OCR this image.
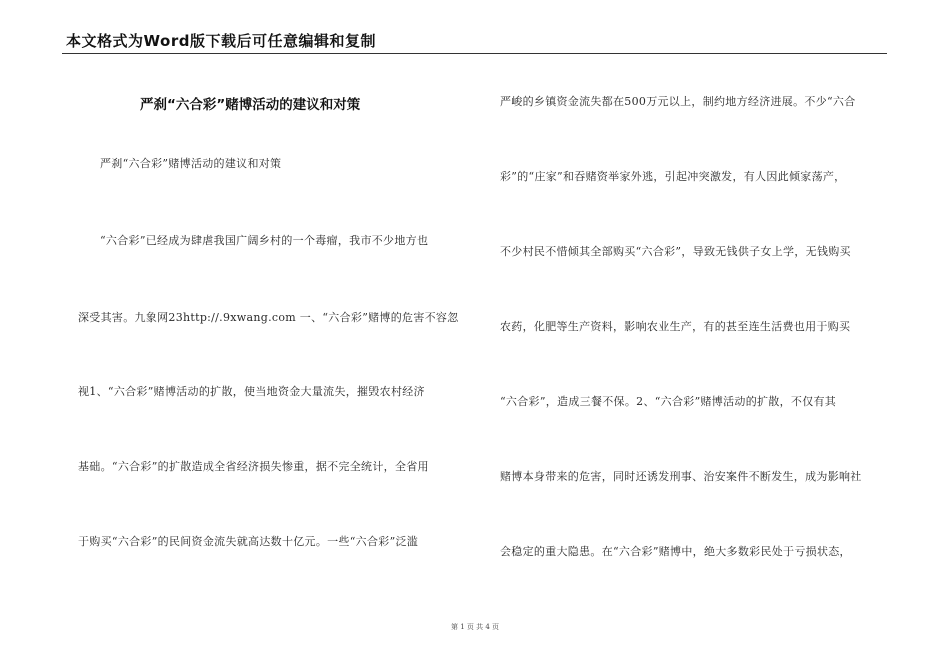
本文格式为Word版下载后可任意编辑和复制
严刹“六合彩”赌博活动的建议和对策
严刹“六合彩”赌博活动的建议和对策
“六合彩”已经成为肆虐我国广阔乡村的一个毒瘤，我市不少地方也
深受其害。九象网23http://.9xwang.com 一、“六合彩”赌博的危害不容忽
视1、“六合彩”赌博活动的扩散，使当地资金大量流失，摧毁农村经济
基础。“六合彩”的扩散造成全省经济损失惨重，据不完全统计，全省用
于购买“六合彩”的民间资金流失就高达数十亿元。一些“六合彩”泛滥
严峻的乡镇资金流失都在500万元以上，制约地方经济进展。不少“六合
彩”的“庄家”和吞赌资举家外逃，引起冲突激发，有人因此倾家荡产，
不少村民不惜倾其全部购买“六合彩”，导致无钱供子女上学，无钱购买
农药，化肥等生产资料，影响农业生产，有的甚至连生活费也用于购买
“六合彩”，造成三餐不保。2、“六合彩”赌博活动的扩散，不仅有其
赌博本身带来的危害，同时还诱发刑事、治安案件不断发生，成为影响社
会稳定的重大隐患。在“六合彩”赌博中，绝大多数彩民处于亏损状态，
第 1 页 共 4 页
